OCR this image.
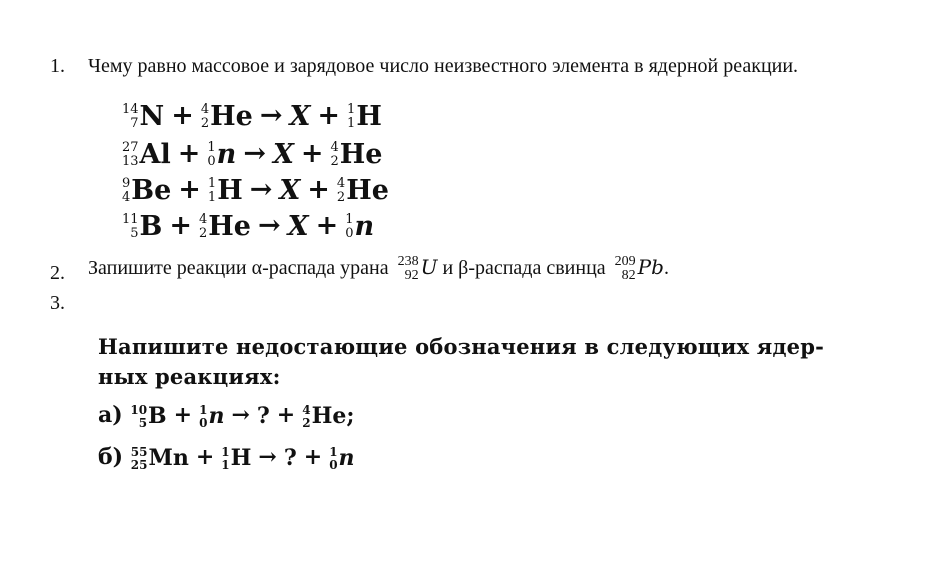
1. Чему равно массовое и зарядовое число неизвестного элемента в ядерной реакции.
14
7 N + 4
2 He → X + 1
1 H
27
13 Al + 1
0 n → X + 4
2 He
9
4 Be + 1
1 H → X + 4
2 He
11
5 B + 4
2 He → X + 1
0 n
2. Запишите реакции α-распада урана 238
92 U и β-распада свинца 209
82 Pb.
3.
Напишите недостающие обозначения в следующих ядер-
ных реакциях:
а) 10
5 B + 1
0 n → ? + 4
2 He;
б) 55
25 Mn + 1
1 H → ? + 1
0 n
